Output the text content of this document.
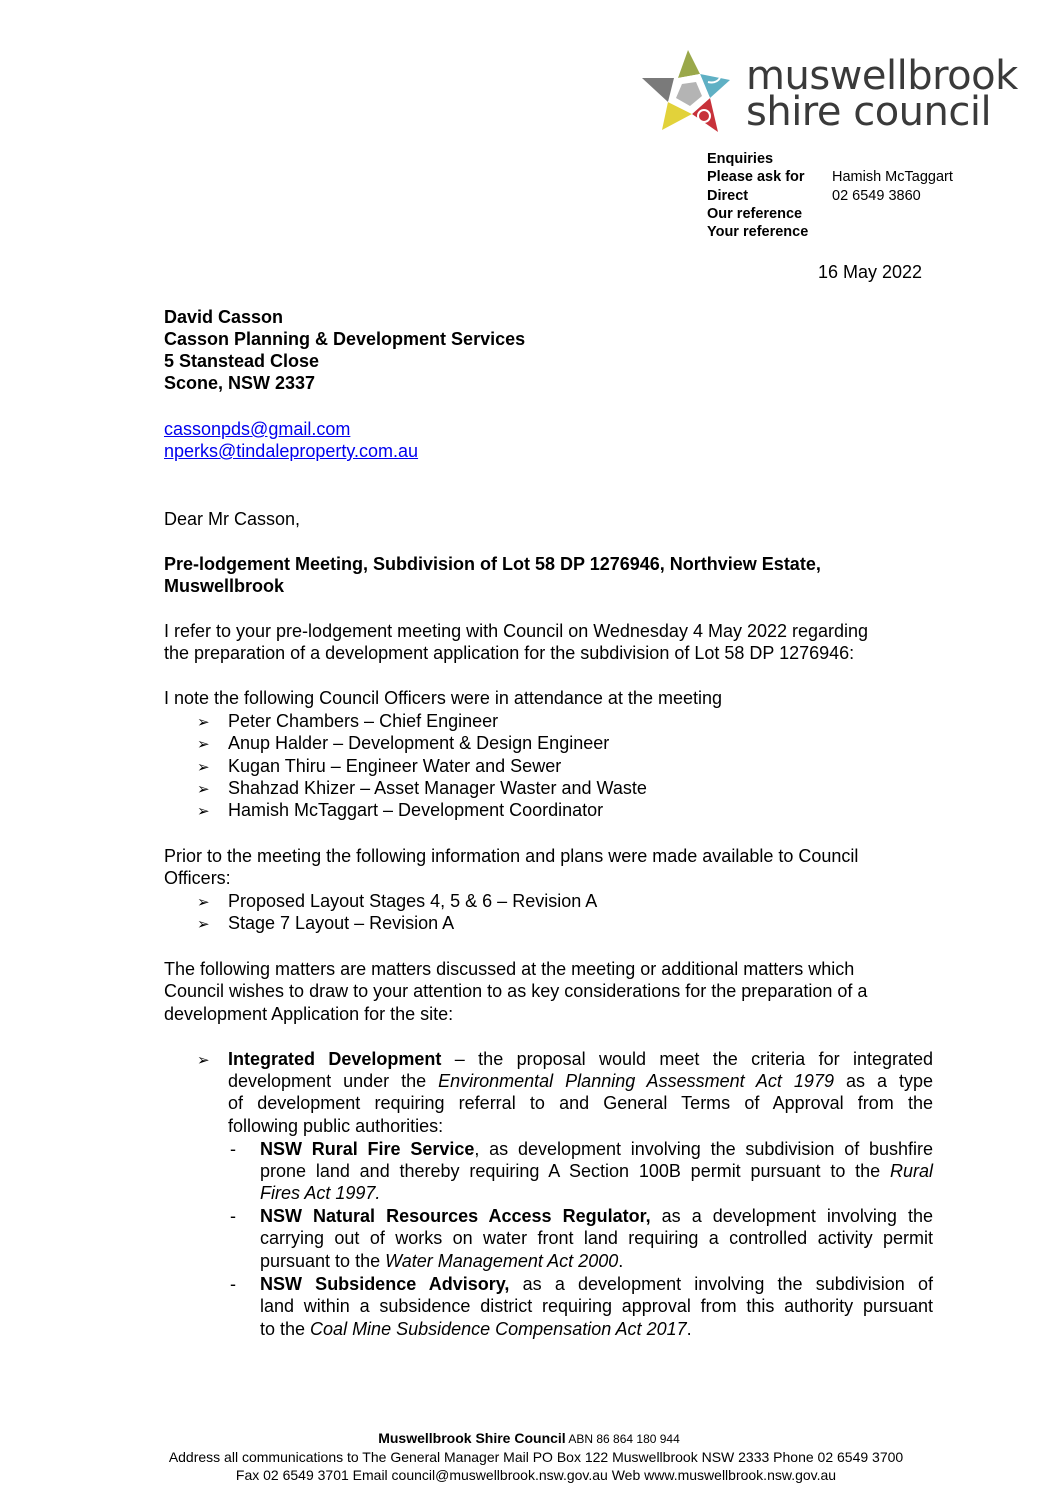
muswellbrook
shire council
Enquiries
Please ask for Hamish McTaggart
Direct	02 6549 3860
Our reference
Your reference
16 May 2022
David Casson
Casson Planning & Development Services
5 Stanstead Close
Scone, NSW 2337
cassonpds@gmail.com
nperks@tindaleproperty.com.au
Dear Mr Casson,
Pre-lodgement Meeting, Subdivision of Lot 58 DP 1276946, Northview Estate,
Muswellbrook
I refer to your pre-lodgement meeting with Council on Wednesday 4 May 2022 regarding
the preparation of a development application for the subdivision of Lot 58 DP 1276946:
I note the following Council Officers were in attendance at the meeting
➢ Peter Chambers – Chief Engineer
➢ Anup Halder – Development & Design Engineer
➢ Kugan Thiru – Engineer Water and Sewer
➢ Shahzad Khizer – Asset Manager Waster and Waste
➢ Hamish McTaggart – Development Coordinator
Prior to the meeting the following information and plans were made available to Council
Officers:
➢ Proposed Layout Stages 4, 5 & 6 – Revision A
➢ Stage 7 Layout – Revision A
The following matters are matters discussed at the meeting or additional matters which
Council wishes to draw to your attention to as key considerations for the preparation of a
development Application for the site:
➢ Integrated Development – the proposal would meet the criteria for integrated
development under the Environmental Planning Assessment Act 1979 as a type
of development requiring referral to and General Terms of Approval from the
following public authorities:
- NSW Rural Fire Service, as development involving the subdivision of bushfire
prone land and thereby requiring A Section 100B permit pursuant to the Rural
Fires Act 1997.
- NSW Natural Resources Access Regulator, as a development involving the
carrying out of works on water front land requiring a controlled activity permit
pursuant to the Water Management Act 2000.
- NSW Subsidence Advisory, as a development involving the subdivision of
land within a subsidence district requiring approval from this authority pursuant
to the Coal Mine Subsidence Compensation Act 2017.
Muswellbrook Shire Council ABN 86 864 180 944
Address all communications to The General Manager Mail PO Box 122 Muswellbrook NSW 2333 Phone 02 6549 3700
Fax 02 6549 3701 Email council@muswellbrook.nsw.gov.au Web www.muswellbrook.nsw.gov.au
